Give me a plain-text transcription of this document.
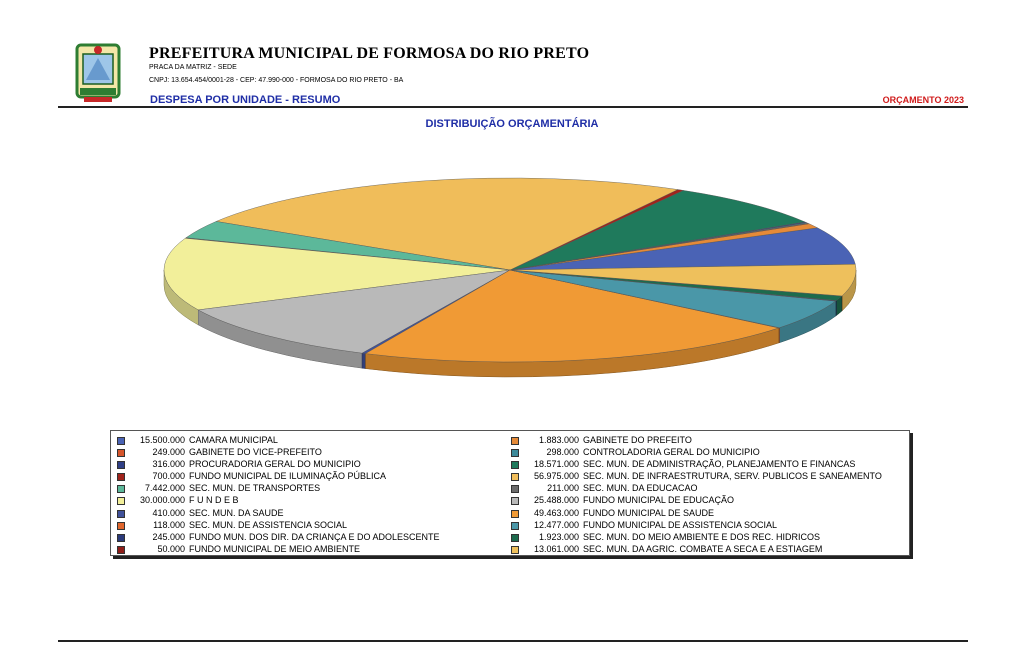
PREFEITURA MUNICIPAL DE FORMOSA DO RIO PRETO
PRACA DA MATRIZ - SEDE
CNPJ: 13.654.454/0001-28 - CEP: 47.990-000 - FORMOSA DO RIO PRETO - BA
DESPESA POR UNIDADE - RESUMO	ORÇAMENTO 2023
DISTRIBUIÇÃO ORÇAMENTÁRIA
15.500.000 CAMARA MUNICIPAL
249.000 GABINETE DO VICE-PREFEITO
316.000 PROCURADORIA GERAL DO MUNICIPIO
700.000 FUNDO MUNICIPAL DE ILUMINAÇÃO PÚBLICA
7.442.000 SEC. MUN. DE TRANSPORTES
30.000.000 F U N D E B
410.000 SEC. MUN. DA SAUDE
118.000 SEC. MUN. DE ASSISTENCIA SOCIAL
245.000 FUNDO MUN. DOS DIR. DA CRIANÇA E DO ADOLESCENTE
50.000 FUNDO MUNICIPAL DE MEIO AMBIENTE
1.883.000 GABINETE DO PREFEITO
298.000 CONTROLADORIA GERAL DO MUNICIPIO
18.571.000 SEC. MUN. DE ADMINISTRAÇÃO, PLANEJAMENTO E FINANCAS
56.975.000 SEC. MUN. DE INFRAESTRUTURA, SERV. PUBLICOS E SANEAMENTO
211.000 SEC. MUN. DA EDUCACAO
25.488.000 FUNDO MUNICIPAL DE EDUCAÇÃO
49.463.000 FUNDO MUNICIPAL DE SAUDE
12.477.000 FUNDO MUNICIPAL DE ASSISTENCIA SOCIAL
1.923.000 SEC. MUN. DO MEIO AMBIENTE E DOS REC. HIDRICOS
13.061.000 SEC. MUN. DA AGRIC. COMBATE A SECA E A ESTIAGEM
